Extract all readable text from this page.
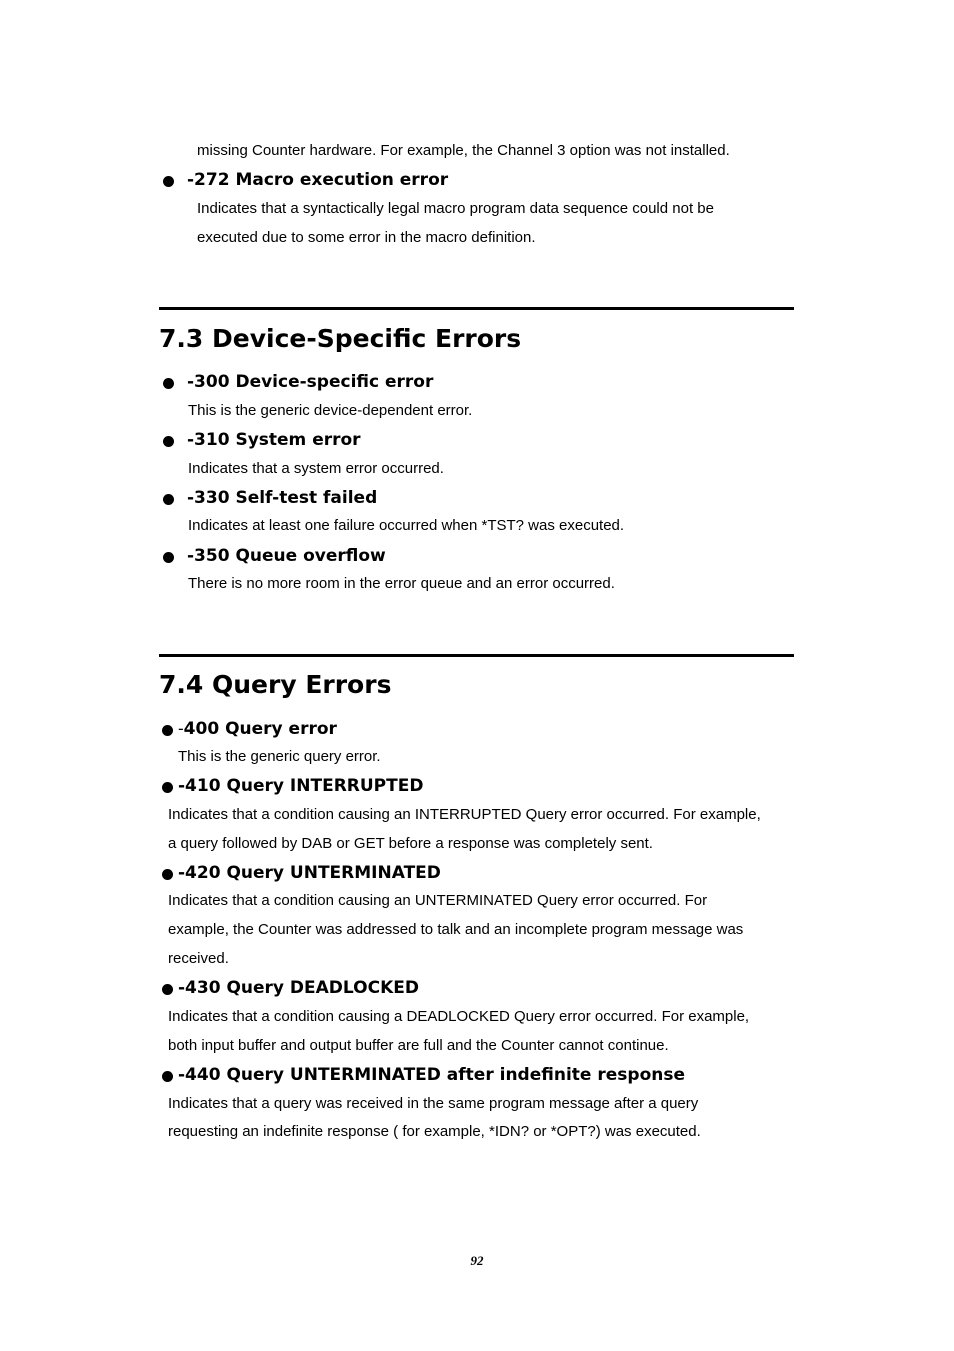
missing Counter hardware. For example, the Channel 3 option was not installed.
-272 Macro execution error
Indicates that a syntactically legal macro program data sequence could not be
executed due to some error in the macro definition.
7.3 Device-Specific Errors
-300 Device-specific error
This is the generic device-dependent error.
-310 System error
Indicates that a system error occurred.
-330 Self-test failed
Indicates at least one failure occurred when *TST? was executed.
-350 Queue overflow
There is no more room in the error queue and an error occurred.
7.4 Query Errors
-400 Query error
This is the generic query error.
-410 Query INTERRUPTED
Indicates that a condition causing an INTERRUPTED Query error occurred. For example,
a query followed by DAB or GET before a response was completely sent.
-420 Query UNTERMINATED
Indicates that a condition causing an UNTERMINATED Query error occurred. For
example, the Counter was addressed to talk and an incomplete program message was
received.
-430 Query DEADLOCKED
Indicates that a condition causing a DEADLOCKED Query error occurred. For example,
both input buffer and output buffer are full and the Counter cannot continue.
-440 Query UNTERMINATED after indefinite response
Indicates that a query was received in the same program message after a query
requesting an indefinite response ( for example, *IDN? or *OPT?) was executed.
92
